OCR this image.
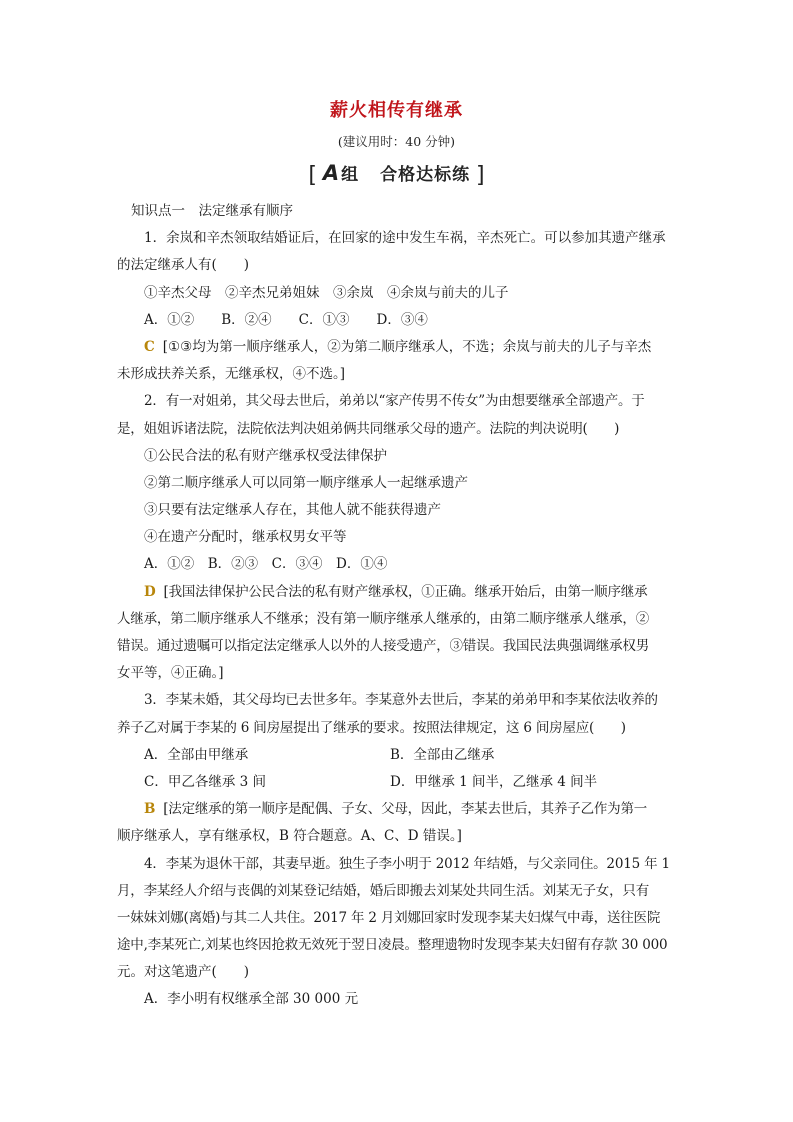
薪火相传有继承
(建议用时：40 分钟)
[ A 组 合格达标练 ]
知识点一　法定继承有顺序
1．余岚和辛杰领取结婚证后，在回家的途中发生车祸，辛杰死亡。可以参加其遗产继承
的法定继承人有(　　)
①辛杰父母　②辛杰兄弟姐妹　③余岚　④余岚与前夫的儿子
A．①②　　B．②④　　C．①③　　D．③④
C [①③均为第一顺序继承人，②为第二顺序继承人，不选；余岚与前夫的儿子与辛杰
未形成扶养关系，无继承权，④不选。]
2．有一对姐弟，其父母去世后，弟弟以“家产传男不传女”为由想要继承全部遗产。于
是，姐姐诉诸法院，法院依法判决姐弟俩共同继承父母的遗产。法院的判决说明(　　)
①公民合法的私有财产继承权受法律保护
②第二顺序继承人可以同第一顺序继承人一起继承遗产
③只要有法定继承人存在，其他人就不能获得遗产
④在遗产分配时，继承权男女平等
A．①②　B．②③　C．③④　D．①④
D [我国法律保护公民合法的私有财产继承权，①正确。继承开始后，由第一顺序继承
人继承，第二顺序继承人不继承；没有第一顺序继承人继承的，由第二顺序继承人继承，②
错误。通过遗嘱可以指定法定继承人以外的人接受遗产，③错误。我国民法典强调继承权男
女平等，④正确。]
3．李某未婚，其父母均已去世多年。李某意外去世后，李某的弟弟甲和李某依法收养的
养子乙对属于李某的 6 间房屋提出了继承的要求。按照法律规定，这 6 间房屋应(　　)
A．全部由甲继承	B．全部由乙继承
C．甲乙各继承 3 间	D．甲继承 1 间半，乙继承 4 间半
B [法定继承的第一顺序是配偶、子女、父母，因此，李某去世后，其养子乙作为第一
顺序继承人，享有继承权，B 符合题意。A、C、D 错误。]
4．李某为退休干部，其妻早逝。独生子李小明于 2012 年结婚，与父亲同住。2015 年 1
月，李某经人介绍与丧偶的刘某登记结婚，婚后即搬去刘某处共同生活。刘某无子女，只有
一妹妹刘娜(离婚)与其二人共住。2017 年 2 月刘娜回家时发现李某夫妇煤气中毒，送往医院
途中,李某死亡,刘某也终因抢救无效死于翌日凌晨。整理遗物时发现李某夫妇留有存款 30 000
元。对这笔遗产(　　)
A．李小明有权继承全部 30 000 元
